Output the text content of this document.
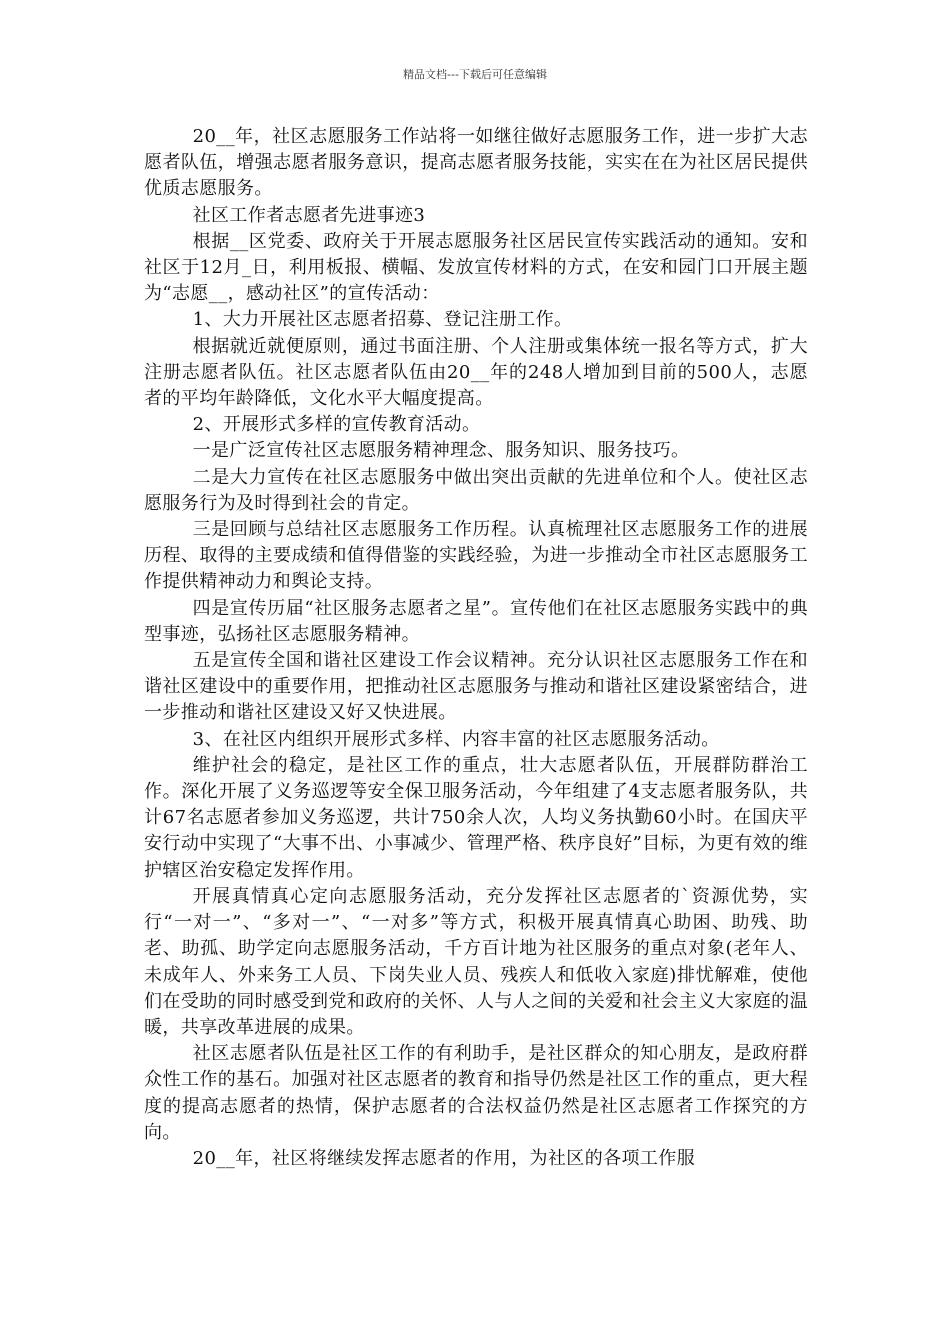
精品文档---下载后可任意编辑

20__年，社区志愿服务工作站将一如继往做好志愿服务工作，进一步扩大志愿者队伍，增强志愿者服务意识，提高志愿者服务技能，实实在在为社区居民提供优质志愿服务。

社区工作者志愿者先进事迹3

根据__区党委、政府关于开展志愿服务社区居民宣传实践活动的通知。安和社区于12月_日，利用板报、横幅、发放宣传材料的方式，在安和园门口开展主题为“志愿__，感动社区”的宣传活动：

1、大力开展社区志愿者招募、登记注册工作。

根据就近就便原则，通过书面注册、个人注册或集体统一报名等方式，扩大注册志愿者队伍。社区志愿者队伍由20__年的248人增加到目前的500人，志愿者的平均年龄降低，文化水平大幅度提高。

2、开展形式多样的宣传教育活动。

一是广泛宣传社区志愿服务精神理念、服务知识、服务技巧。

二是大力宣传在社区志愿服务中做出突出贡献的先进单位和个人。使社区志愿服务行为及时得到社会的肯定。

三是回顾与总结社区志愿服务工作历程。认真梳理社区志愿服务工作的进展历程、取得的主要成绩和值得借鉴的实践经验，为进一步推动全市社区志愿服务工作提供精神动力和舆论支持。

四是宣传历届“社区服务志愿者之星”。宣传他们在社区志愿服务实践中的典型事迹，弘扬社区志愿服务精神。

五是宣传全国和谐社区建设工作会议精神。充分认识社区志愿服务工作在和谐社区建设中的重要作用，把推动社区志愿服务与推动和谐社区建设紧密结合，进一步推动和谐社区建设又好又快进展。

3、在社区内组织开展形式多样、内容丰富的社区志愿服务活动。

维护社会的稳定，是社区工作的重点，壮大志愿者队伍，开展群防群治工作。深化开展了义务巡逻等安全保卫服务活动，今年组建了4支志愿者服务队，共计67名志愿者参加义务巡逻，共计750余人次，人均义务执勤60小时。在国庆平安行动中实现了“大事不出、小事减少、管理严格、秩序良好”目标，为更有效的维护辖区治安稳定发挥作用。

开展真情真心定向志愿服务活动，充分发挥社区志愿者的`资源优势，实行“一对一”、“多对一”、“一对多”等方式，积极开展真情真心助困、助残、助老、助孤、助学定向志愿服务活动，千方百计地为社区服务的重点对象(老年人、未成年人、外来务工人员、下岗失业人员、残疾人和低收入家庭)排忧解难，使他们在受助的同时感受到党和政府的关怀、人与人之间的关爱和社会主义大家庭的温暖，共享改革进展的成果。

社区志愿者队伍是社区工作的有利助手，是社区群众的知心朋友，是政府群众性工作的基石。加强对社区志愿者的教育和指导仍然是社区工作的重点，更大程度的提高志愿者的热情，保护志愿者的合法权益仍然是社区志愿者工作探究的方向。

20__年，社区将继续发挥志愿者的作用，为社区的各项工作服
